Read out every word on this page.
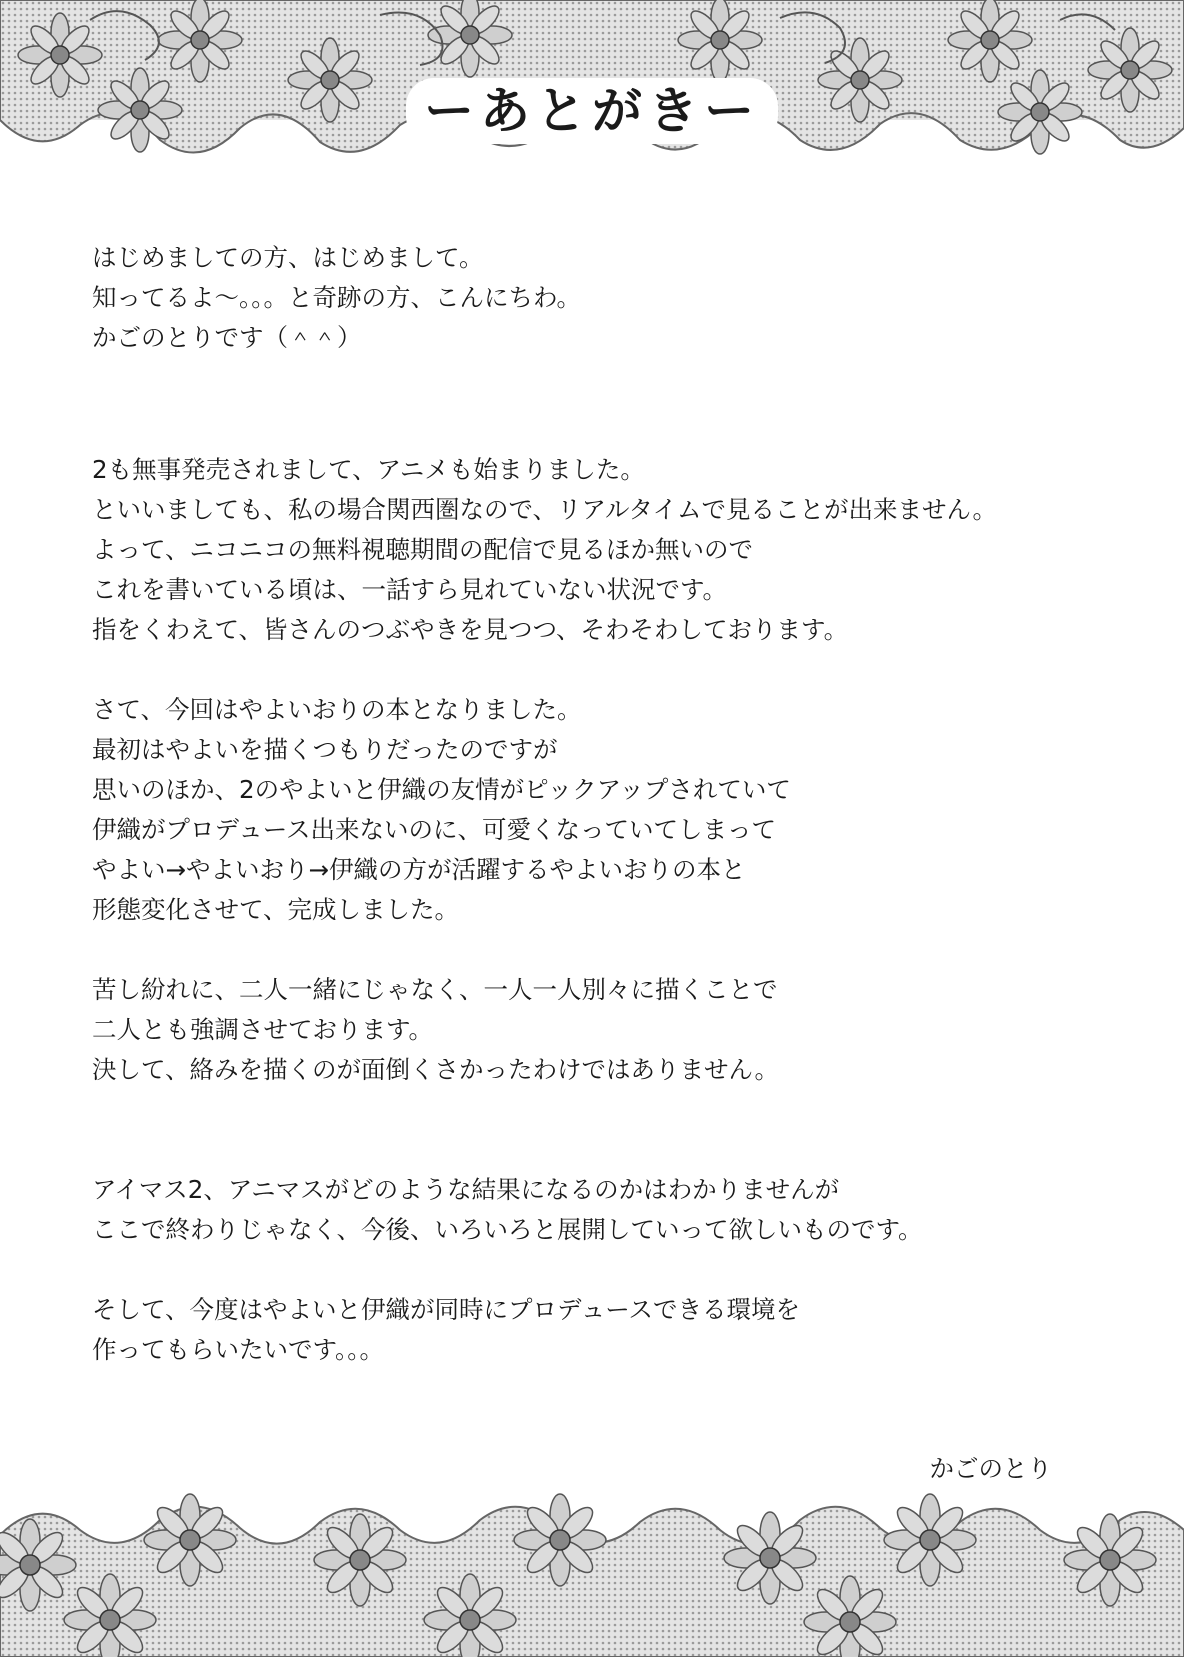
ーあとがきー
はじめましての方、はじめまして。
知ってるよ〜。。。と奇跡の方、こんにちわ。
かごのとりです（＾＾）
2も無事発売されまして、アニメも始まりました。
といいましても、私の場合関西圏なので、リアルタイムで見ることが出来ません。
よって、ニコニコの無料視聴期間の配信で見るほか無いので
これを書いている頃は、一話すら見れていない状況です。
指をくわえて、皆さんのつぶやきを見つつ、そわそわしております。
さて、今回はやよいおりの本となりました。
最初はやよいを描くつもりだったのですが
思いのほか、2のやよいと伊織の友情がピックアップされていて
伊織がプロデュース出来ないのに、可愛くなっていてしまって
やよい→やよいおり→伊織の方が活躍するやよいおりの本と
形態変化させて、完成しました。
苦し紛れに、二人一緒にじゃなく、一人一人別々に描くことで
二人とも強調させております。
決して、絡みを描くのが面倒くさかったわけではありません。
アイマス2、アニマスがどのような結果になるのかはわかりませんが
ここで終わりじゃなく、今後、いろいろと展開していって欲しいものです。
そして、今度はやよいと伊織が同時にプロデュースできる環境を
作ってもらいたいです。。。
かごのとり
